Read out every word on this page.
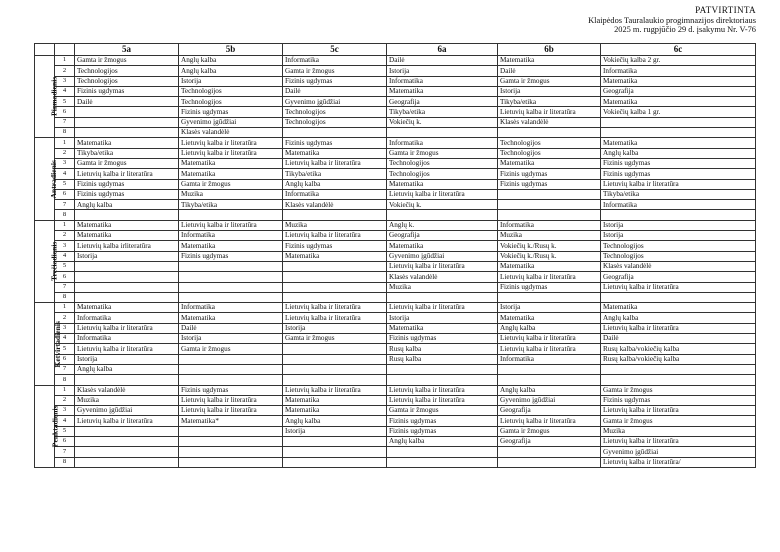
PATVIRTINTA
Klaipėdos Tauralaukio progimnazijos direktoriaus
2025 m. rugpjūčio 29 d. įsakymu Nr. V-76
		5a	5b	5c	6a	6b	6c
Pirmadienis	1	Gamta ir žmogus	Anglų kalba	Informatika	Dailė	Matematika	Vokiečių kalba 2 gr.
	2	Technologijos	Anglų kalba	Gamta ir žmogus	Istorija	Dailė	Informatika
	3	Technologijos	Istorija	Fizinis ugdymas	Informatika	Gamta ir žmogus	Matematika
	4	Fizinis ugdymas	Technologijos	Dailė	Matematika	Istorija	Geografija
	5	Dailė	Technologijos	Gyvenimo įgūdžiai	Geografija	Tikyba/etika	Matematika
	6		Fizinis ugdymas	Technologijos	Tikyba/etika	Lietuvių kalba ir literatūra	Vokiečių kalba 1 gr.
	7		Gyvenimo įgūdžiai	Technologijos	Vokiečių k.	Klasės valandėlė	
	8		Klasės valandėlė				
Antradienis	1	Matematika	Lietuvių kalba ir literatūra	Fizinis ugdymas	Informatika	Technologijos	Matematika
	2	Tikyba/etika	Lietuvių kalba ir literatūra	Matematika	Gamta ir žmogus	Technologijos	Anglų kalba
	3	Gamta ir žmogus	Matematika	Lietuvių kalba ir literatūra	Technologijos	Matematika	Fizinis ugdymas
	4	Lietuvių kalba ir literatūra	Matematika	Tikyba/etika	Technologijos	Fizinis ugdymas	Fizinis ugdymas
	5	Fizinis ugdymas	Gamta ir žmogus	Anglų kalba	Matematika	Fizinis ugdymas	Lietuvių kalba ir literatūra
	6	Fizinis ugdymas	Muzika	Informatika	Lietuvių kalba ir literatūra		Tikyba/etika
	7	Anglų kalba	Tikyba/etika	Klasės valandėlė	Vokiečių k.		Informatika
	8						
Trečiadienis	1	Matematika	Lietuvių kalba ir literatūra	Muzika	Anglų k.	Informatika	Istorija
	2	Matematika	Informatika	Lietuvių kalba ir literatūra	Geografija	Muzika	Istorija
	3	Lietuvių kalba irliteratūra	Matematika	Fizinis ugdymas	Matematika	Vokiečių k./Rusų k.	Technologijos
	4	Istorija	Fizinis ugdymas	Matematika	Gyvenimo įgūdžiai	Vokiečių k./Rusų k.	Technologijos
	5				Lietuvių kalba ir literatūra	Matematika	Klasės valandėlė
	6				Klasės valandėlė	Lietuvių kalba ir literatūra	Geografija
	7				Muzika	Fizinis ugdymas	Lietuvių kalba ir literatūra
	8						
Ketvirtadienis	1	Matematika	Informatika	Lietuvių kalba ir literatūra	Lietuvių kalba ir literatūra	Istorija	Matematika
	2	Informatika	Matematika	Lietuvių kalba ir literatūra	Istorija	Matematika	Anglų kalba
	3	Lietuvių kalba ir literatūra	Dailė	Istorija	Matematika	Anglų kalba	Lietuvių kalba ir literatūra
	4	Informatika	Istorija	Gamta ir žmogus	Fizinis ugdymas	Lietuvių kalba ir literatūra	Dailė
	5	Lietuvių kalba ir literatūra	Gamta ir žmogus		Rusų kalba	Lietuvių kalba ir literatūra	Rusų kalba/vokiečių kalba
	6	Istorija			Rusų kalba	Informatika	Rusų kalba/vokiečių kalba
	7	Anglų kalba					
	8						
Penktadienis	1	Klasės valandėlė	Fizinis ugdymas	Lietuvių kalba ir literatūra	Lietuvių kalba ir literatūra	Anglų kalba	Gamta ir žmogus
	2	Muzika	Lietuvių kalba ir literatūra	Matematika	Lietuvių kalba ir literatūra	Gyvenimo įgūdžiai	Fizinis ugdymas
	3	Gyvenimo įgūdžiai	Lietuvių kalba ir literatūra	Matematika	Gamta ir žmogus	Geografija	Lietuvių kalba ir literatūra
	4	Lietuvių kalba ir literatūra	Matematika*	Anglų kalba	Fizinis ugdymas	Lietuvių kalba ir literatūra	Gamta ir žmogus
	5			Istorija	Fizinis ugdymas	Gamta ir žmogus	Muzika
	6				Anglų kalba	Geografija	Lietuvių kalba ir literatūra
	7						Gyvenimo įgūdžiai
	8						Lietuvių kalba ir literatūra/
